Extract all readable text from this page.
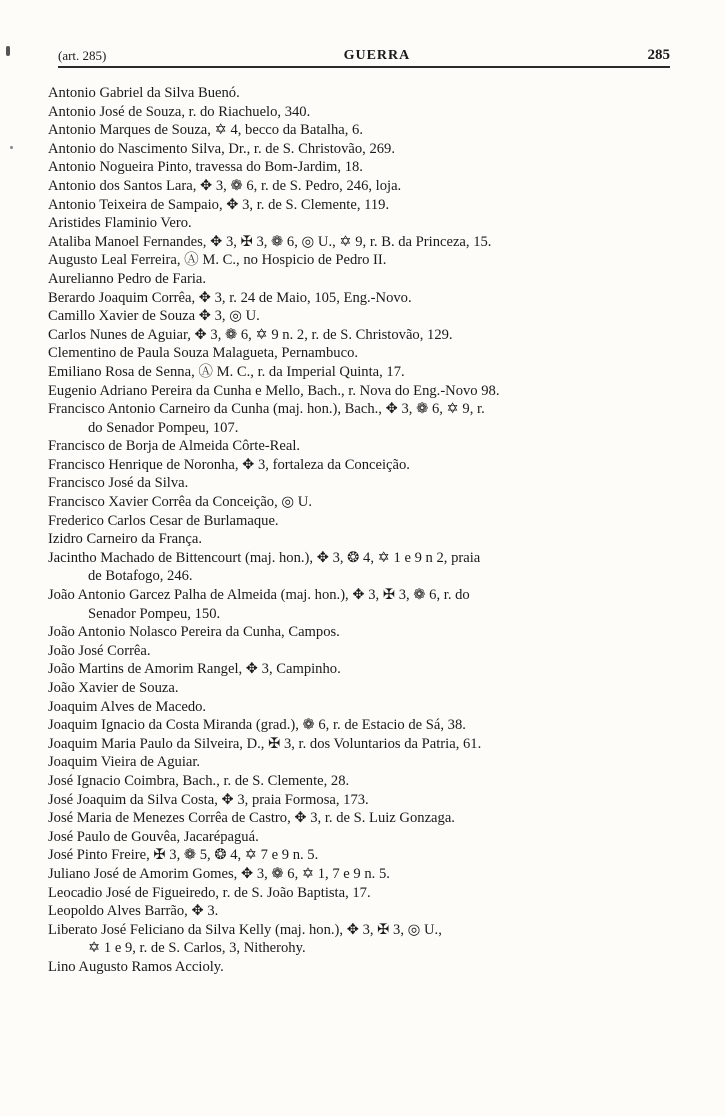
(art. 285)	GUERRA	285
Antonio Gabriel da Silva Buenó.
Antonio José de Souza, r. do Riachuelo, 340.
Antonio Marques de Souza, ✡ 4, becco da Batalha, 6.
Antonio do Nascimento Silva, Dr., r. de S. Christovão, 269.
Antonio Nogueira Pinto, travessa do Bom-Jardim, 18.
Antonio dos Santos Lara, ✥ 3, ❁ 6, r. de S. Pedro, 246, loja.
Antonio Teixeira de Sampaio, ✥ 3, r. de S. Clemente, 119.
Aristides Flaminio Vero.
Ataliba Manoel Fernandes, ✥ 3, ✠ 3, ❁ 6, ◎ U., ✡ 9, r. B. da Princeza, 15.
Augusto Leal Ferreira, Ⓐ M. C., no Hospicio de Pedro II.
Aurelianno Pedro de Faria.
Berardo Joaquim Corrêa, ✥ 3, r. 24 de Maio, 105, Eng.-Novo.
Camillo Xavier de Souza ✥ 3, ◎ U.
Carlos Nunes de Aguiar, ✥ 3, ❁ 6, ✡ 9 n. 2, r. de S. Christovão, 129.
Clementino de Paula Souza Malagueta, Pernambuco.
Emiliano Rosa de Senna, Ⓐ M. C., r. da Imperial Quinta, 17.
Eugenio Adriano Pereira da Cunha e Mello, Bach., r. Nova do Eng.-Novo 98.
Francisco Antonio Carneiro da Cunha (maj. hon.), Bach., ✥ 3, ❁ 6, ✡ 9, r.
do Senador Pompeu, 107.
Francisco de Borja de Almeida Côrte-Real.
Francisco Henrique de Noronha, ✥ 3, fortaleza da Conceição.
Francisco José da Silva.
Francisco Xavier Corrêa da Conceição, ◎ U.
Frederico Carlos Cesar de Burlamaque.
Izidro Carneiro da França.
Jacintho Machado de Bittencourt (maj. hon.), ✥ 3, ❂ 4, ✡ 1 e 9 n 2, praia
de Botafogo, 246.
João Antonio Garcez Palha de Almeida (maj. hon.), ✥ 3, ✠ 3, ❁ 6, r. do
Senador Pompeu, 150.
João Antonio Nolasco Pereira da Cunha, Campos.
João José Corrêa.
João Martins de Amorim Rangel, ✥ 3, Campinho.
João Xavier de Souza.
Joaquim Alves de Macedo.
Joaquim Ignacio da Costa Miranda (grad.), ❁ 6, r. de Estacio de Sá, 38.
Joaquim Maria Paulo da Silveira, D., ✠ 3, r. dos Voluntarios da Patria, 61.
Joaquim Vieira de Aguiar.
José Ignacio Coimbra, Bach., r. de S. Clemente, 28.
José Joaquim da Silva Costa, ✥ 3, praia Formosa, 173.
José Maria de Menezes Corrêa de Castro, ✥ 3, r. de S. Luiz Gonzaga.
José Paulo de Gouvêa, Jacarépaguá.
José Pinto Freire, ✠ 3, ❁ 5, ❂ 4, ✡ 7 e 9 n. 5.
Juliano José de Amorim Gomes, ✥ 3, ❁ 6, ✡ 1, 7 e 9 n. 5.
Leocadio José de Figueiredo, r. de S. João Baptista, 17.
Leopoldo Alves Barrão, ✥ 3.
Liberato José Feliciano da Silva Kelly (maj. hon.), ✥ 3, ✠ 3, ◎ U.,
✡ 1 e 9, r. de S. Carlos, 3, Nitherohy.
Lino Augusto Ramos Accioly.
